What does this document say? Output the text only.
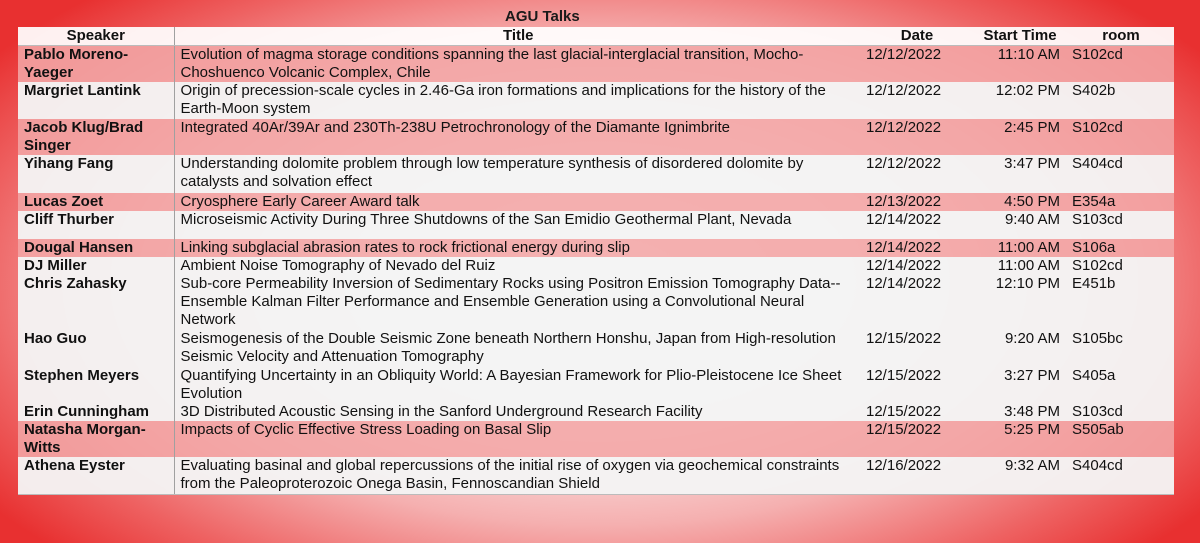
AGU Talks
Speaker	Title	Date	Start Time	room
Pablo Moreno-Yaeger	Evolution of magma storage conditions spanning the last glacial-interglacial transition, Mocho-Choshuenco Volcanic Complex, Chile	12/12/2022	11:10 AM	S102cd
Margriet Lantink	Origin of precession-scale cycles in 2.46-Ga iron formations and implications for the history of the Earth-Moon system	12/12/2022	12:02 PM	S402b
Jacob Klug/Brad Singer	Integrated 40Ar/39Ar and 230Th-238U Petrochronology of the Diamante Ignimbrite	12/12/2022	2:45 PM	S102cd
Yihang Fang	Understanding dolomite problem through low temperature synthesis of disordered dolomite by catalysts and solvation effect	12/12/2022	3:47 PM	S404cd
Lucas Zoet	Cryosphere Early Career Award talk	12/13/2022	4:50 PM	E354a
Cliff Thurber	Microseismic Activity During Three Shutdowns of the San Emidio Geothermal Plant, Nevada	12/14/2022	9:40 AM	S103cd
Dougal Hansen	Linking subglacial abrasion rates to rock frictional energy during slip	12/14/2022	11:00 AM	S106a
DJ Miller	Ambient Noise Tomography of Nevado del Ruiz	12/14/2022	11:00 AM	S102cd
Chris Zahasky	Sub-core Permeability Inversion of Sedimentary Rocks using Positron Emission Tomography Data--Ensemble Kalman Filter Performance and Ensemble Generation using a Convolutional Neural Network	12/14/2022	12:10 PM	E451b
Hao Guo	Seismogenesis of the Double Seismic Zone beneath Northern Honshu, Japan from High-resolution Seismic Velocity and Attenuation Tomography	12/15/2022	9:20 AM	S105bc
Stephen Meyers	Quantifying Uncertainty in an Obliquity World: A Bayesian Framework for Plio-Pleistocene Ice Sheet Evolution	12/15/2022	3:27 PM	S405a
Erin Cunningham	3D Distributed Acoustic Sensing in the Sanford Underground Research Facility	12/15/2022	3:48 PM	S103cd
Natasha Morgan-Witts	Impacts of Cyclic Effective Stress Loading on Basal Slip	12/15/2022	5:25 PM	S505ab
Athena Eyster	Evaluating basinal and global repercussions of the initial rise of oxygen via geochemical constraints from the Paleoproterozoic Onega Basin, Fennoscandian Shield	12/16/2022	9:32 AM	S404cd
